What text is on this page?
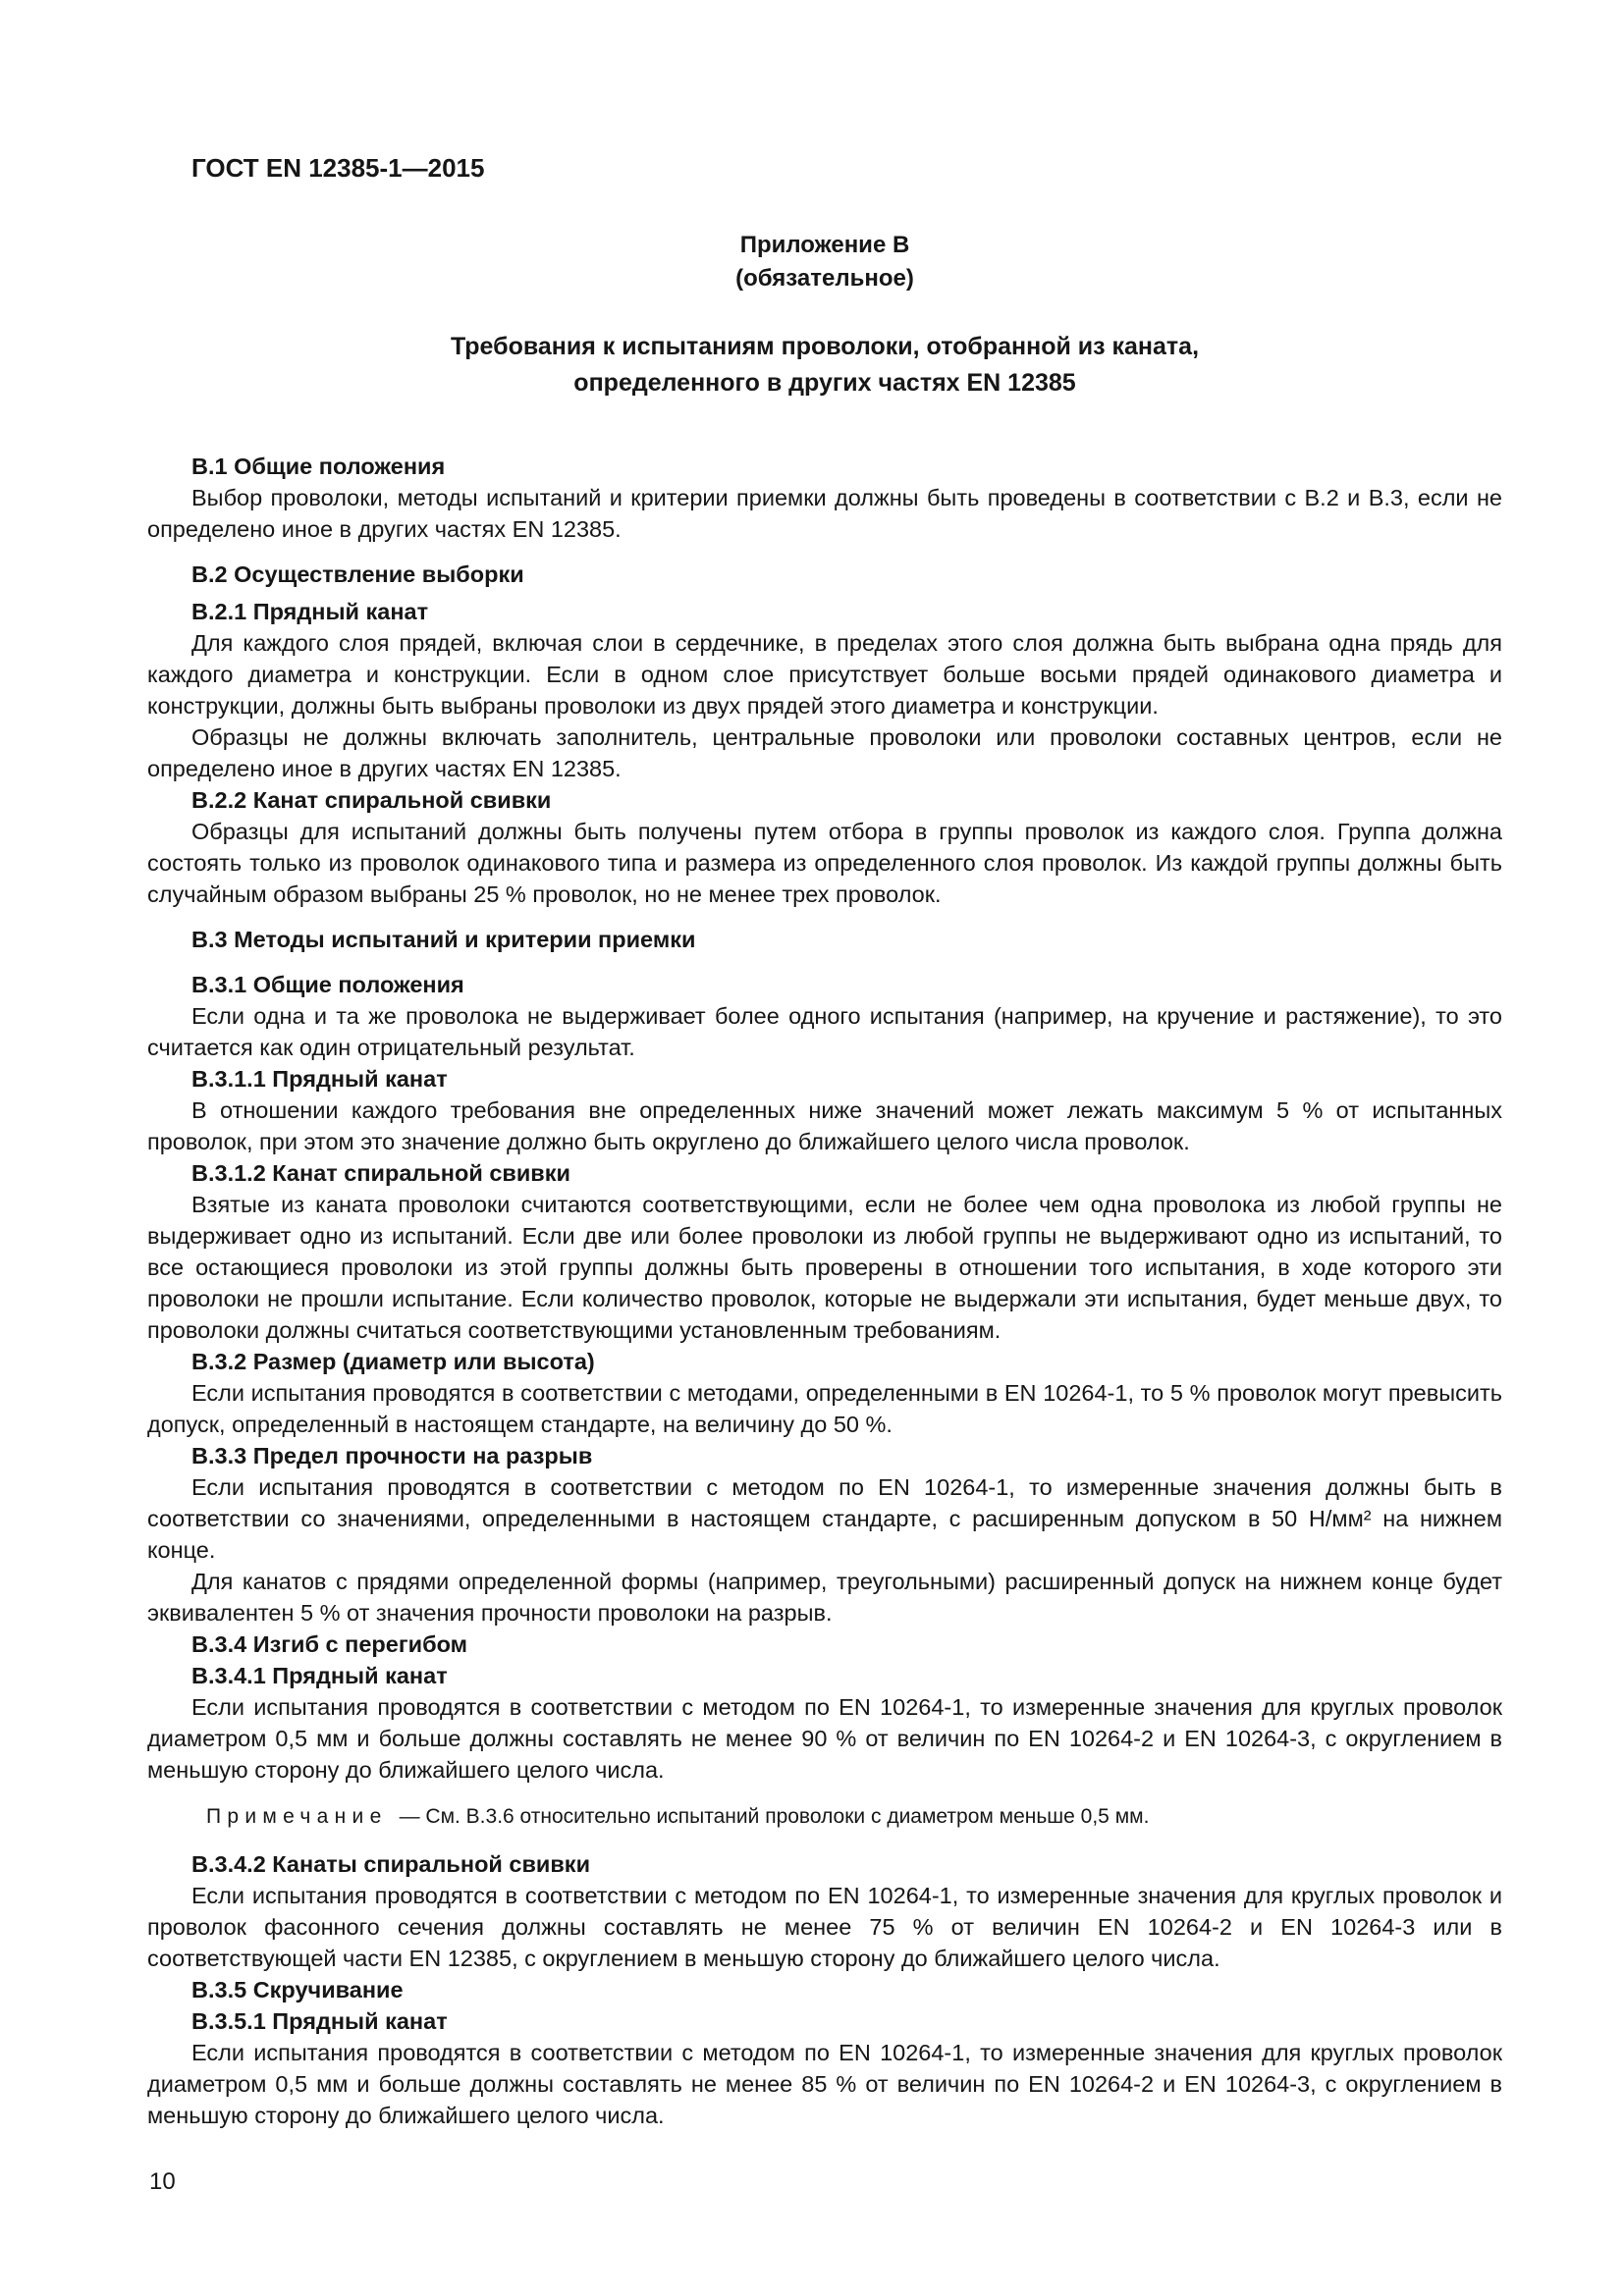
ГОСТ EN 12385-1—2015
Приложение В
(обязательное)
Требования к испытаниям проволоки, отобранной из каната,
определенного в других частях EN 12385
В.1 Общие положения

Выбор проволоки, методы испытаний и критерии приемки должны быть проведены в соответствии с В.2 и В.3, если не определено иное в других частях EN 12385.

В.2 Осуществление выборки
В.2.1 Прядный канат

Для каждого слоя прядей, включая слои в сердечнике, в пределах этого слоя должна быть выбрана одна прядь для каждого диаметра и конструкции. Если в одном слое присутствует больше восьми прядей одинакового диаметра и конструкции, должны быть выбраны проволоки из двух прядей этого диаметра и конструкции.

Образцы не должны включать заполнитель, центральные проволоки или проволоки составных центров, если не определено иное в других частях EN 12385.

В.2.2 Канат спиральной свивки

Образцы для испытаний должны быть получены путем отбора в группы проволок из каждого слоя. Группа должна состоять только из проволок одинакового типа и размера из определенного слоя проволок. Из каждой группы должны быть случайным образом выбраны 25 % проволок, но не менее трех проволок.

В.3 Методы испытаний и критерии приемки
В.3.1 Общие положения

Если одна и та же проволока не выдерживает более одного испытания (например, на кручение и растяжение), то это считается как один отрицательный результат.

В.3.1.1 Прядный канат

В отношении каждого требования вне определенных ниже значений может лежать максимум 5 % от испытанных проволок, при этом это значение должно быть округлено до ближайшего целого числа проволок.

В.3.1.2 Канат спиральной свивки

Взятые из каната проволоки считаются соответствующими, если не более чем одна проволока из любой группы не выдерживает одно из испытаний. Если две или более проволоки из любой группы не выдерживают одно из испытаний, то все остающиеся проволоки из этой группы должны быть проверены в отношении того испытания, в ходе которого эти проволоки не прошли испытание. Если количество проволок, которые не выдержали эти испытания, будет меньше двух, то проволоки должны считаться соответствующими установленным требованиям.

В.3.2 Размер (диаметр или высота)

Если испытания проводятся в соответствии с методами, определенными в EN 10264-1, то 5 % проволок могут превысить допуск, определенный в настоящем стандарте, на величину до 50 %.

В.3.3 Предел прочности на разрыв

Если испытания проводятся в соответствии с методом по EN 10264-1, то измеренные значения должны быть в соответствии со значениями, определенными в настоящем стандарте, с расширенным допуском в 50 Н/мм² на нижнем конце.

Для канатов с прядями определенной формы (например, треугольными) расширенный допуск на нижнем конце будет эквивалентен 5 % от значения прочности проволоки на разрыв.

В.3.4 Изгиб с перегибом
В.3.4.1 Прядный канат

Если испытания проводятся в соответствии с методом по EN 10264-1, то измеренные значения для круглых проволок диаметром 0,5 мм и больше должны составлять не менее 90 % от величин по EN 10264-2 и EN 10264-3, с округлением в меньшую сторону до ближайшего целого числа.

Примечание — См. В.3.6 относительно испытаний проволоки с диаметром меньше 0,5 мм.

В.3.4.2 Канаты спиральной свивки

Если испытания проводятся в соответствии с методом по EN 10264-1, то измеренные значения для круглых проволок и проволок фасонного сечения должны составлять не менее 75 % от величин EN 10264-2 и EN 10264-3 или в соответствующей части EN 12385, с округлением в меньшую сторону до ближайшего целого числа.

В.3.5 Скручивание
В.3.5.1 Прядный канат

Если испытания проводятся в соответствии с методом по EN 10264-1, то измеренные значения для круглых проволок диаметром 0,5 мм и больше должны составлять не менее 85 % от величин по EN 10264-2 и EN 10264-3, с округлением в меньшую сторону до ближайшего целого числа.

10
